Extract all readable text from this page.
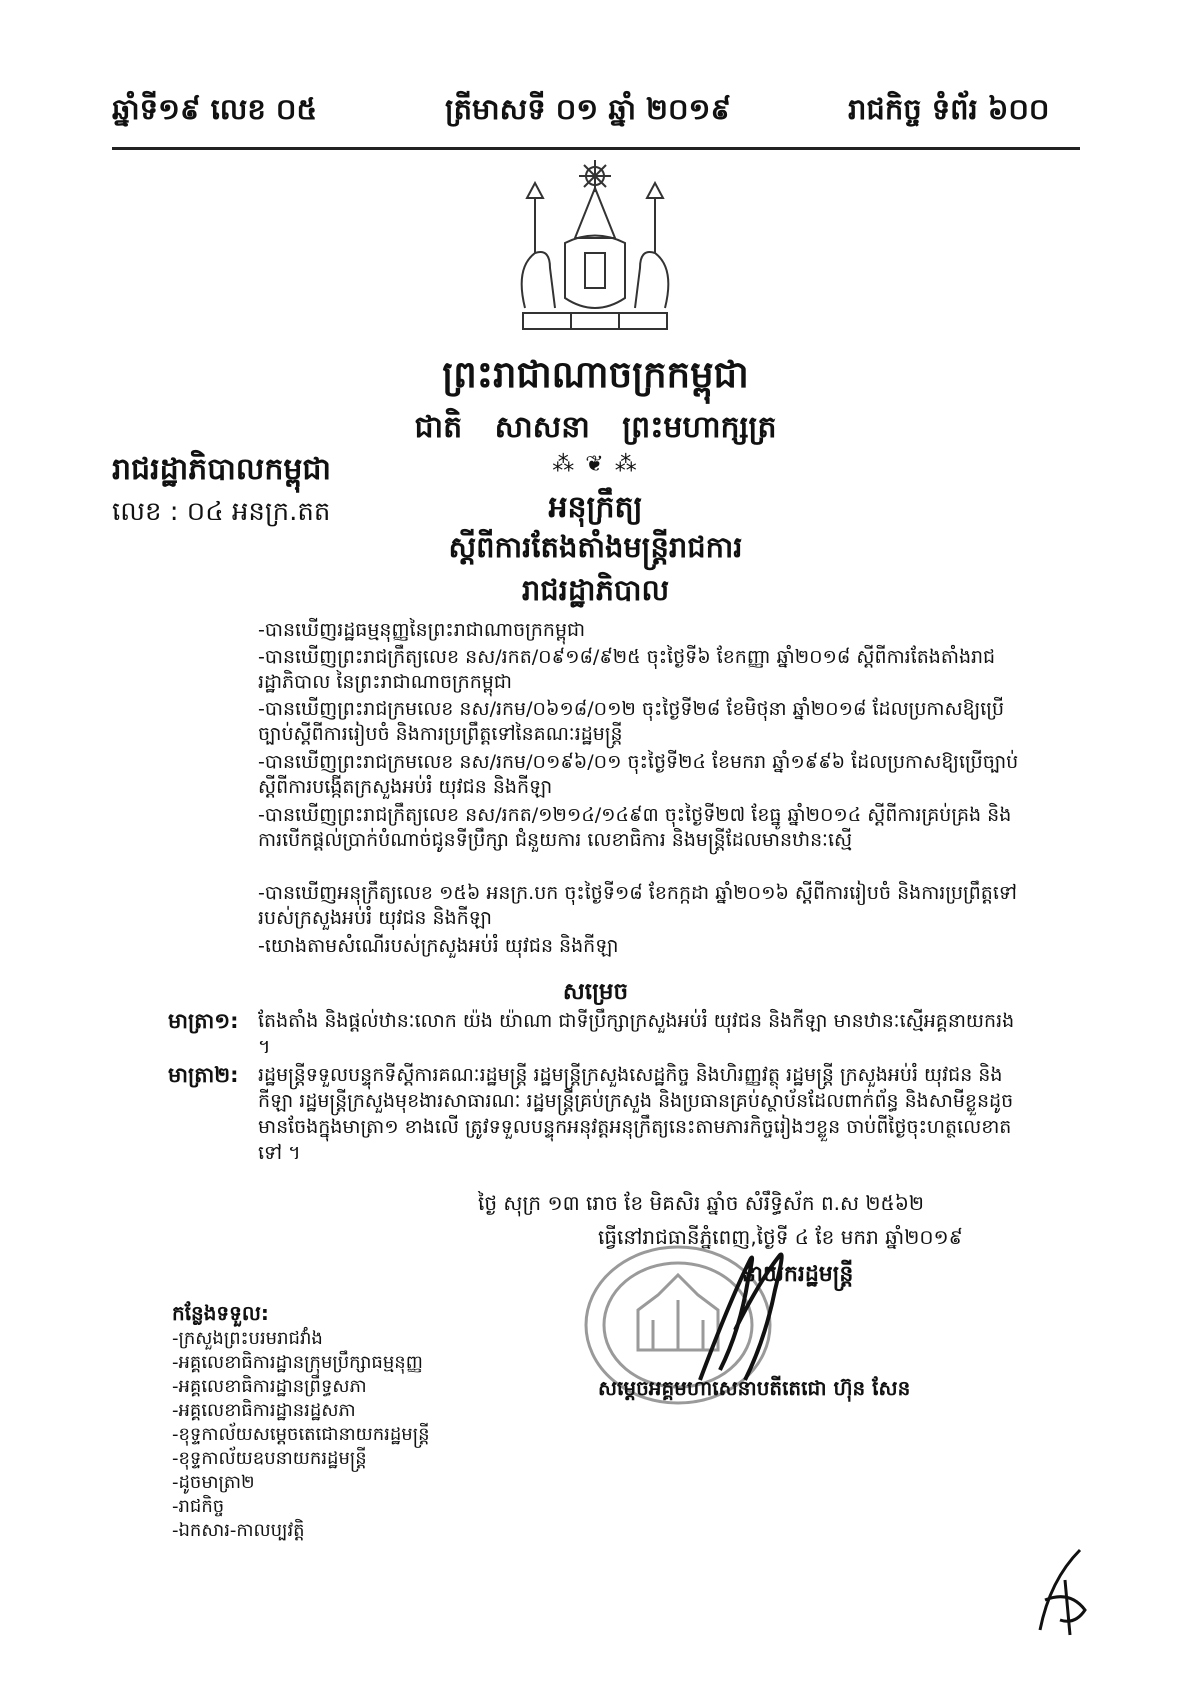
ឆ្នាំទី១៩ លេខ ០៥	ត្រីមាសទី ០១ ឆ្នាំ ២០១៩	រាជកិច្ច ទំព័រ ៦០០
ព្រះរាជាណាចក្រកម្ពុជា
ជាតិ សាសនា ព្រះមហាក្សត្រ
⁂ ❦ ⁂
រាជរដ្ឋាភិបាលកម្ពុជា
លេខ : ០៤ អនក្រ.តត	អនុក្រឹត្យ
ស្តីពីការតែងតាំងមន្ត្រីរាជការ
រាជរដ្ឋាភិបាល
-បានឃើញរដ្ឋធម្មនុញ្ញនៃព្រះរាជាណាចក្រកម្ពុជា
-បានឃើញព្រះរាជក្រឹត្យលេខ នស/រកត/០៩១៨/៩២៥ ចុះថ្ងៃទី៦ ខែកញ្ញា ឆ្នាំ២០១៨ ស្តីពីការតែងតាំងរាជរដ្ឋាភិបាល នៃព្រះរាជាណាចក្រកម្ពុជា
-បានឃើញព្រះរាជក្រមលេខ នស/រកម/០៦១៨/០១២ ចុះថ្ងៃទី២៨ ខែមិថុនា ឆ្នាំ២០១៨ ដែលប្រកាសឱ្យប្រើច្បាប់ស្តីពីការរៀបចំ និងការប្រព្រឹត្តទៅនៃគណៈរដ្ឋមន្ត្រី
-បានឃើញព្រះរាជក្រមលេខ នស/រកម/០១៩៦/០១ ចុះថ្ងៃទី២៤ ខែមករា ឆ្នាំ១៩៩៦ ដែលប្រកាសឱ្យប្រើច្បាប់ស្តីពីការបង្កើតក្រសួងអប់រំ យុវជន និងកីឡា
-បានឃើញព្រះរាជក្រឹត្យលេខ នស/រកត/១២១៤/១៤៩៣ ចុះថ្ងៃទី២៧ ខែធ្នូ ឆ្នាំ២០១៤ ស្តីពីការគ្រប់គ្រង និងការបើកផ្តល់ប្រាក់បំណាច់ជូនទីប្រឹក្សា ជំនួយការ លេខាធិការ និងមន្ត្រីដែលមានឋានៈស្មើ
-បានឃើញអនុក្រឹត្យលេខ ១៥៦ អនក្រ.បក ចុះថ្ងៃទី១៨ ខែកក្កដា ឆ្នាំ២០១៦ ស្តីពីការរៀបចំ និងការប្រព្រឹត្តទៅរបស់ក្រសួងអប់រំ យុវជន និងកីឡា
-យោងតាមសំណើរបស់ក្រសួងអប់រំ យុវជន និងកីឡា
សម្រេច
មាត្រា១: តែងតាំង និងផ្តល់ឋានៈលោក យ៉ង យ៉ាណា ជាទីប្រឹក្សាក្រសួងអប់រំ យុវជន និងកីឡា មានឋានៈស្មើអគ្គនាយករង ។
មាត្រា២: រដ្ឋមន្ត្រីទទួលបន្ទុកទីស្តីការគណៈរដ្ឋមន្ត្រី រដ្ឋមន្ត្រីក្រសួងសេដ្ឋកិច្ច និងហិរញ្ញវត្ថុ រដ្ឋមន្ត្រី ក្រសួងអប់រំ យុវជន និងកីឡា រដ្ឋមន្ត្រីក្រសួងមុខងារសាធារណៈ រដ្ឋមន្ត្រីគ្រប់ក្រសួង និងប្រធានគ្រប់ស្ថាប័នដែលពាក់ព័ន្ធ និងសាមីខ្លួនដូចមានចែងក្នុងមាត្រា១ ខាងលើ ត្រូវទទួលបន្ទុកអនុវត្តអនុក្រឹត្យនេះតាមភារកិច្ចរៀងៗខ្លួន ចាប់ពីថ្ងៃចុះហត្ថលេខាតទៅ ។
ថ្ងៃ សុក្រ ១៣ រោច ខែ មិគសិរ ឆ្នាំច សំរឹទ្ធិស័ក ព.ស ២៥៦២
ធ្វើនៅរាជធានីភ្នំពេញ,ថ្ងៃទី ៤ ខែ មករា ឆ្នាំ២០១៩
នាយករដ្ឋមន្ត្រី
សម្តេចអគ្គមហាសេនាបតីតេជោ ហ៊ុន សែន
កន្លែងទទួល:
-ក្រសួងព្រះបរមរាជវាំង
-អគ្គលេខាធិការដ្ឋានក្រុមប្រឹក្សាធម្មនុញ្ញ
-អគ្គលេខាធិការដ្ឋានព្រឹទ្ធសភា
-អគ្គលេខាធិការដ្ឋានរដ្ឋសភា
-ខុទ្ទកាល័យសម្តេចតេជោនាយករដ្ឋមន្ត្រី
-ខុទ្ទកាល័យឧបនាយករដ្ឋមន្ត្រី
-ដូចមាត្រា២
-រាជកិច្ច
-ឯកសារ-កាលប្បវត្តិ
